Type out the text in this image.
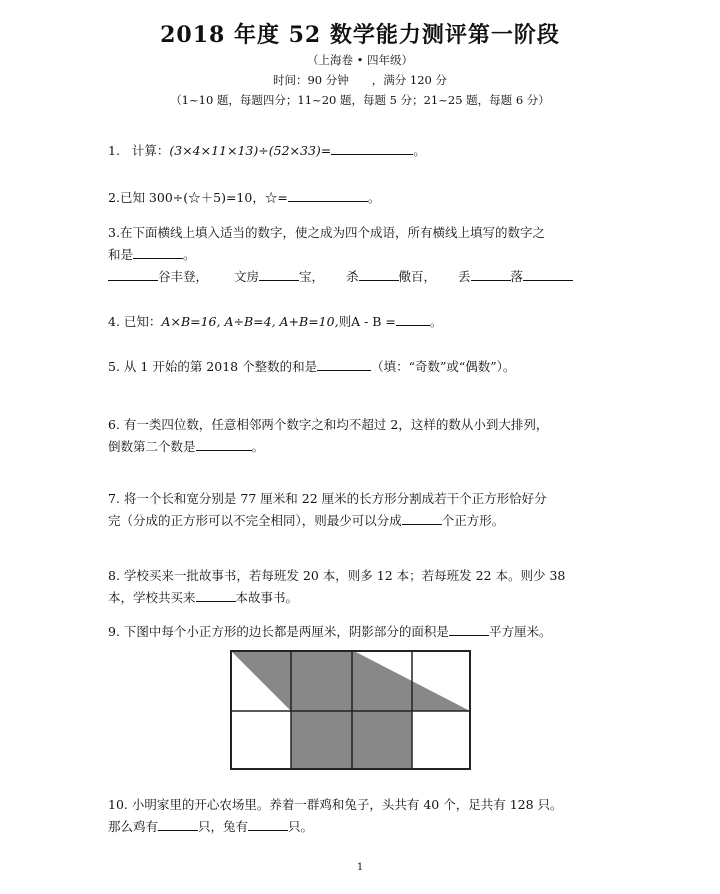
2018 年度 52 数学能力测评第一阶段
（上海卷 • 四年级）
时间：90 分钟　　，满分 120 分
（1~10 题，每题四分；11~20 题，每题 5 分；21~25 题，每题 6 分）
1. 计算：(3×4×11×13)÷(52×33)=	。
2.已知 300÷(☆＋5)=10，☆=	。
3.在下面横线上填入适当的数字，使之成为四个成语，所有横线上填写的数字之
和是	。
谷丰登， 文房	宝， 杀	儆百， 丢	落
4. 已知：A×B=16, A÷B=4, A+B=10,则A - B =	。
5. 从 1 开始的第 2018 个整数的和是	（填：“奇数”或“偶数”）。
6. 有一类四位数，任意相邻两个数字之和均不超过 2，这样的数从小到大排列，
倒数第二个数是	。
7. 将一个长和宽分别是 77 厘米和 22 厘米的长方形分割成若干个正方形恰好分
完（分成的正方形可以不完全相同），则最少可以分成	个正方形。
8. 学校买来一批故事书，若每班发 20 本，则多 12 本；若每班发 22 本。则少 38
本，学校共买来	本故事书。
9. 下图中每个小正方形的边长都是两厘米，阴影部分的面积是	平方厘米。
10. 小明家里的开心农场里。养着一群鸡和兔子，头共有 40 个，足共有 128 只。
那么鸡有	只，兔有	只。
1
